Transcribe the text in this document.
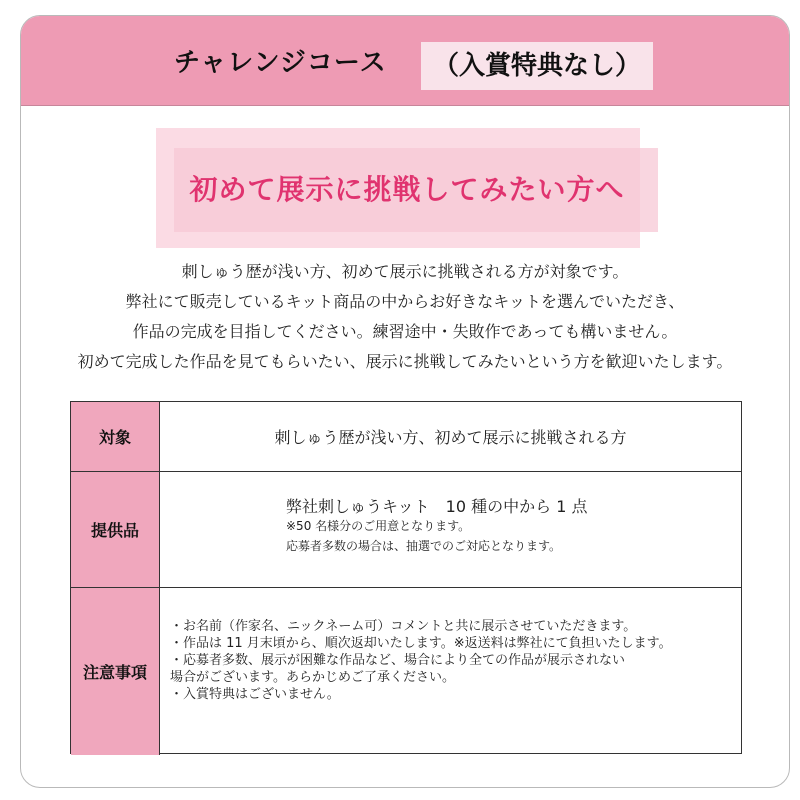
チャレンジコース	（入賞特典なし）
初めて展示に挑戦してみたい方へ

刺しゅう歴が浅い方、初めて展示に挑戦される方が対象です。

弊社にて販売しているキット商品の中からお好きなキットを選んでいただき、

作品の完成を目指してください。練習途中・失敗作であっても構いません。

初めて完成した作品を見てもらいたい、展示に挑戦してみたいという方を歓迎いたします。

対象	刺しゅう歴が浅い方、初めて展示に挑戦される方
提供品
弊社刺しゅうキット　10 種の中から 1 点
※50 名様分のご用意となります。
応募者多数の場合は、抽選でのご対応となります。
注意事項
・お名前（作家名、ニックネーム可）コメントと共に展示させていただきます。
・作品は 11 月末頃から、順次返却いたします。※返送料は弊社にて負担いたします。
・応募者多数、展示が困難な作品など、場合により全ての作品が展示されない
場合がございます。あらかじめご了承ください。
・入賞特典はございません。
